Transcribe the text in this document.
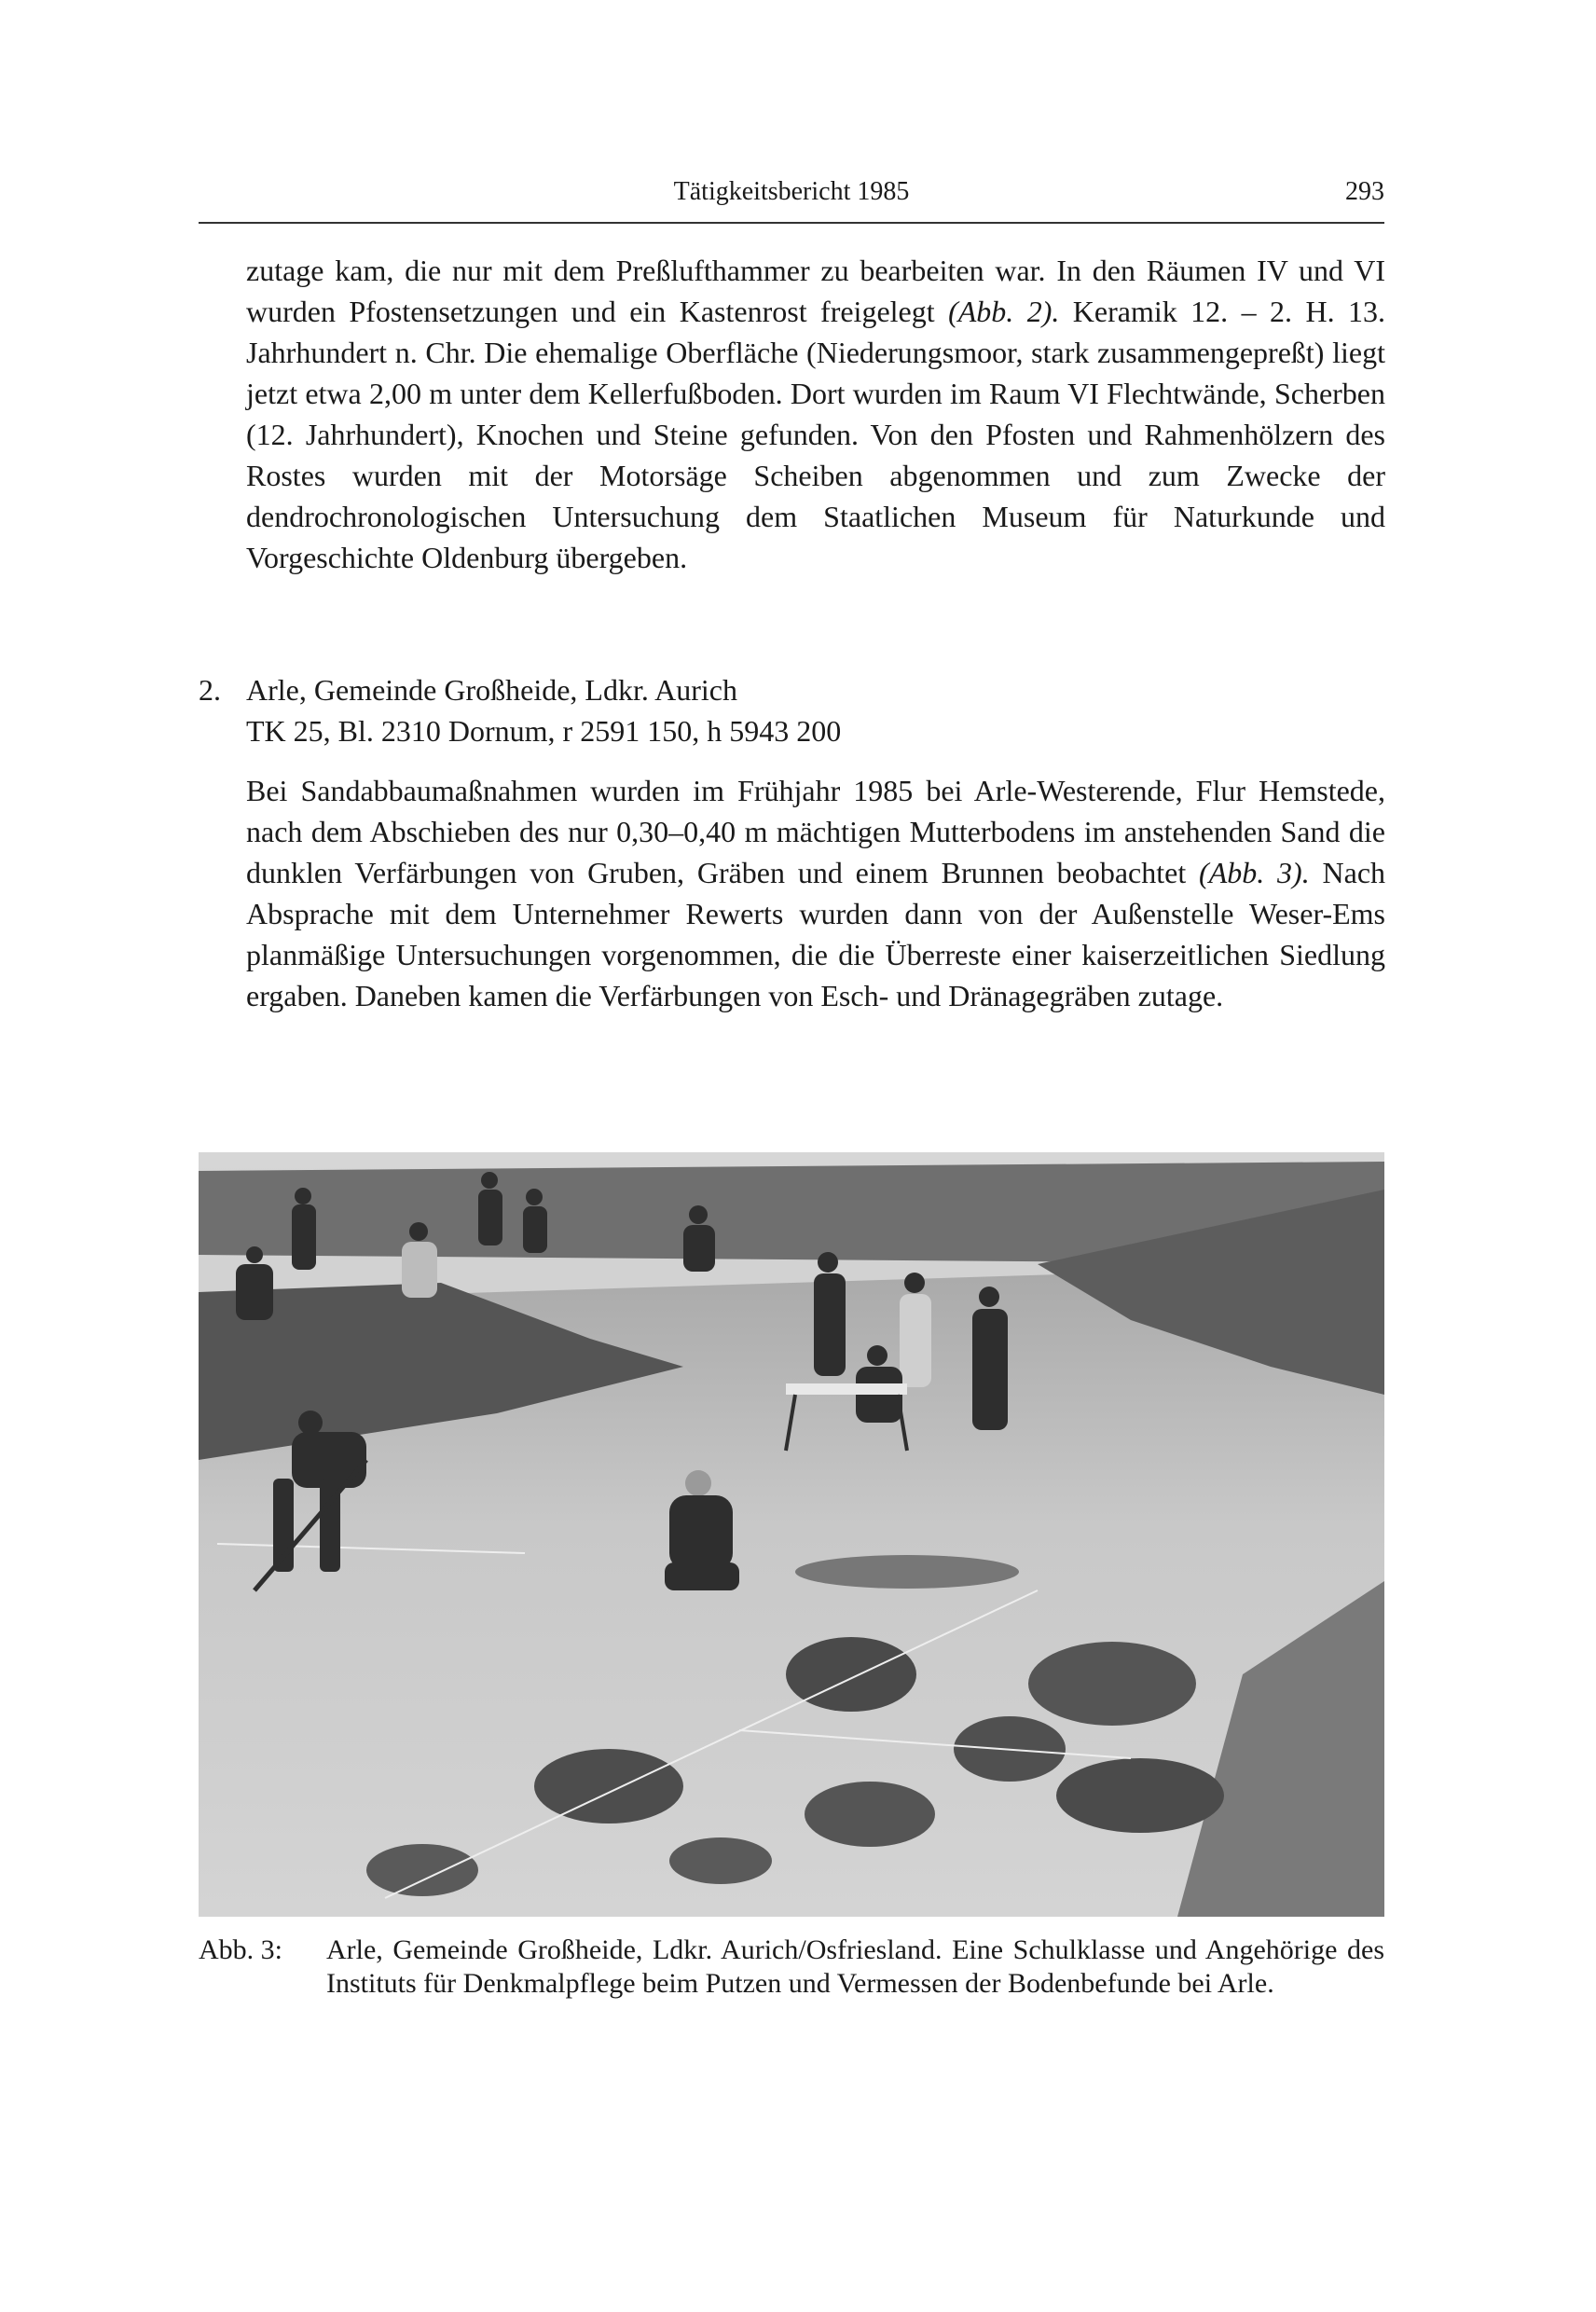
Tätigkeitsbericht 1985	293

zutage kam, die nur mit dem Preßlufthammer zu bearbeiten war. In den Räumen IV und VI wurden Pfostensetzungen und ein Kastenrost freigelegt (Abb. 2). Keramik 12. – 2. H. 13. Jahrhundert n. Chr. Die ehemalige Oberfläche (Niederungsmoor, stark zusammengepreßt) liegt jetzt etwa 2,00 m unter dem Kellerfußboden. Dort wurden im Raum VI Flechtwände, Scherben (12. Jahrhundert), Knochen und Steine gefunden. Von den Pfosten und Rahmenhölzern des Rostes wurden mit der Motorsäge Scheiben abgenommen und zum Zwecke der dendrochronologischen Untersuchung dem Staatlichen Museum für Naturkunde und Vorgeschichte Oldenburg übergeben.

2. Arle, Gemeinde Großheide, Ldkr. Aurich
TK 25, Bl. 2310 Dornum, r 2591 150, h 5943 200

Bei Sandabbaumaßnahmen wurden im Frühjahr 1985 bei Arle-Westerende, Flur Hemstede, nach dem Abschieben des nur 0,30–0,40 m mächtigen Mutterbodens im anstehenden Sand die dunklen Verfärbungen von Gruben, Gräben und einem Brunnen beobachtet (Abb. 3). Nach Absprache mit dem Unternehmer Rewerts wurden dann von der Außenstelle Weser-Ems planmäßige Untersuchungen vorgenommen, die die Überreste einer kaiserzeitlichen Siedlung ergaben. Daneben kamen die Verfärbungen von Esch- und Dränagegräben zutage.

Abb. 3: Arle, Gemeinde Großheide, Ldkr. Aurich/Osfriesland. Eine Schulklasse und Angehörige des Instituts für Denkmalpflege beim Putzen und Vermessen der Bodenbefunde bei Arle.
